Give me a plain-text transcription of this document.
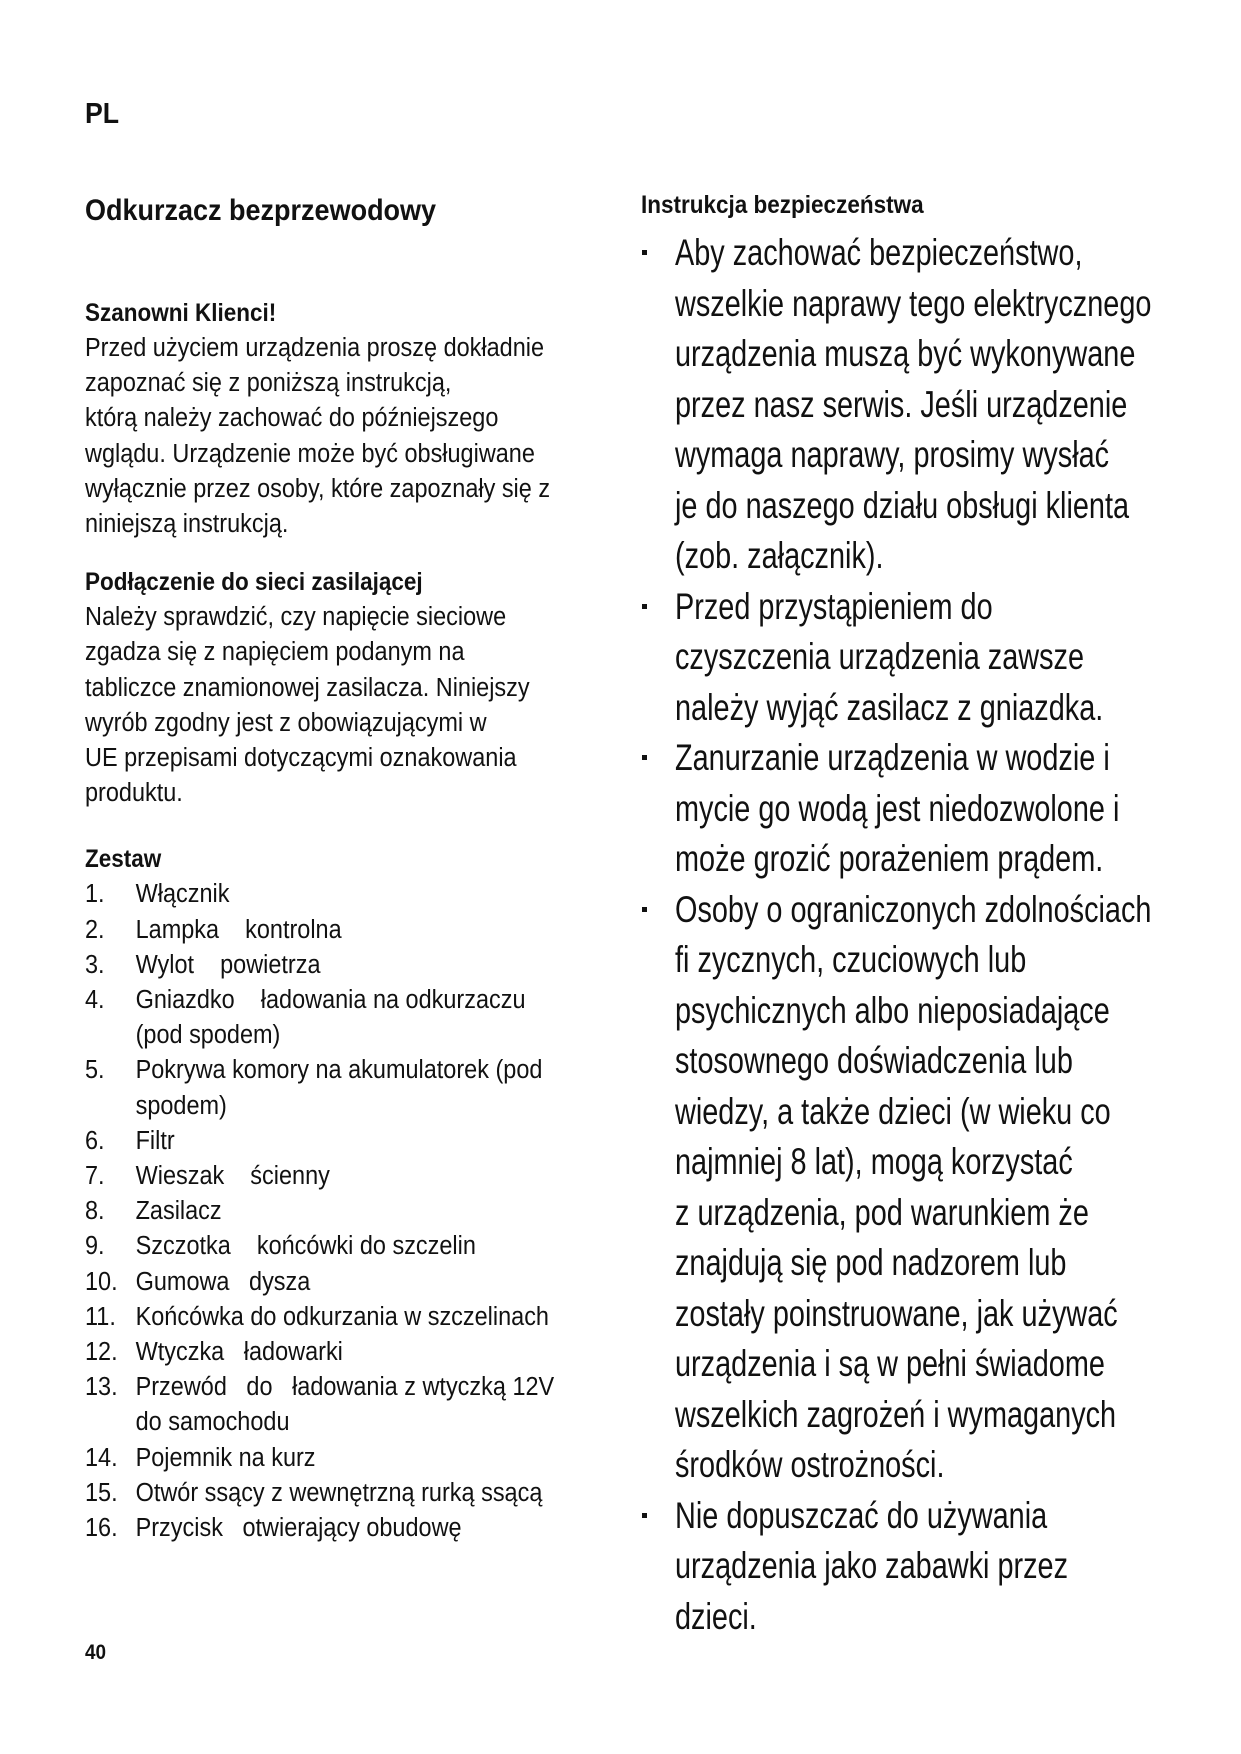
PL
Odkurzacz bezprzewodowy
Szanowni Klienci!
Przed użyciem urządzenia proszę dokładnie
zapoznać się z poniższą instrukcją,
którą należy zachować do późniejszego
wglądu. Urządzenie może być obsługiwane
wyłącznie przez osoby, które zapoznały się z
niniejszą instrukcją.
Podłączenie do sieci zasilającej
Należy sprawdzić, czy napięcie sieciowe
zgadza się z napięciem podanym na
tabliczce znamionowej zasilacza. Niniejszy
wyrób zgodny jest z obowiązującymi w
UE przepisami dotyczącymi oznakowania
produktu.
Zestaw
1. Włącznik
2. Lampka    kontrolna
3. Wylot    powietrza
4. Gniazdko    ładowania na odkurzaczu
(pod spodem)
5. Pokrywa komory na akumulatorek (pod
spodem)
6. Filtr
7. Wieszak    ścienny
8. Zasilacz
9. Szczotka    końcówki do szczelin
10. Gumowa   dysza
11. Końcówka do odkurzania w szczelinach
12. Wtyczka   ładowarki
13. Przewód   do   ładowania z wtyczką 12V
do samochodu
14. Pojemnik na kurz
15. Otwór ssący z wewnętrzną rurką ssącą
16. Przycisk   otwierający obudowę
Instrukcja bezpieczeństwa
Aby zachować bezpieczeństwo,
wszelkie naprawy tego elektrycznego
urządzenia muszą być wykonywane
przez nasz serwis. Jeśli urządzenie
wymaga naprawy, prosimy wysłać
je do naszego działu obsługi klienta
(zob. załącznik).
Przed przystąpieniem do
czyszczenia urządzenia zawsze
należy wyjąć zasilacz z gniazdka.
Zanurzanie urządzenia w wodzie i
mycie go wodą jest niedozwolone i
może grozić porażeniem prądem.
Osoby o ograniczonych zdolnościach
fi zycznych, czuciowych lub
psychicznych albo nieposiadające
stosownego doświadczenia lub
wiedzy, a także dzieci (w wieku co
najmniej 8 lat), mogą korzystać
z urządzenia, pod warunkiem że
znajdują się pod nadzorem lub
zostały poinstruowane, jak używać
urządzenia i są w pełni świadome
wszelkich zagrożeń i wymaganych
środków ostrożności.
Nie dopuszczać do używania
urządzenia jako zabawki przez
dzieci.
40
